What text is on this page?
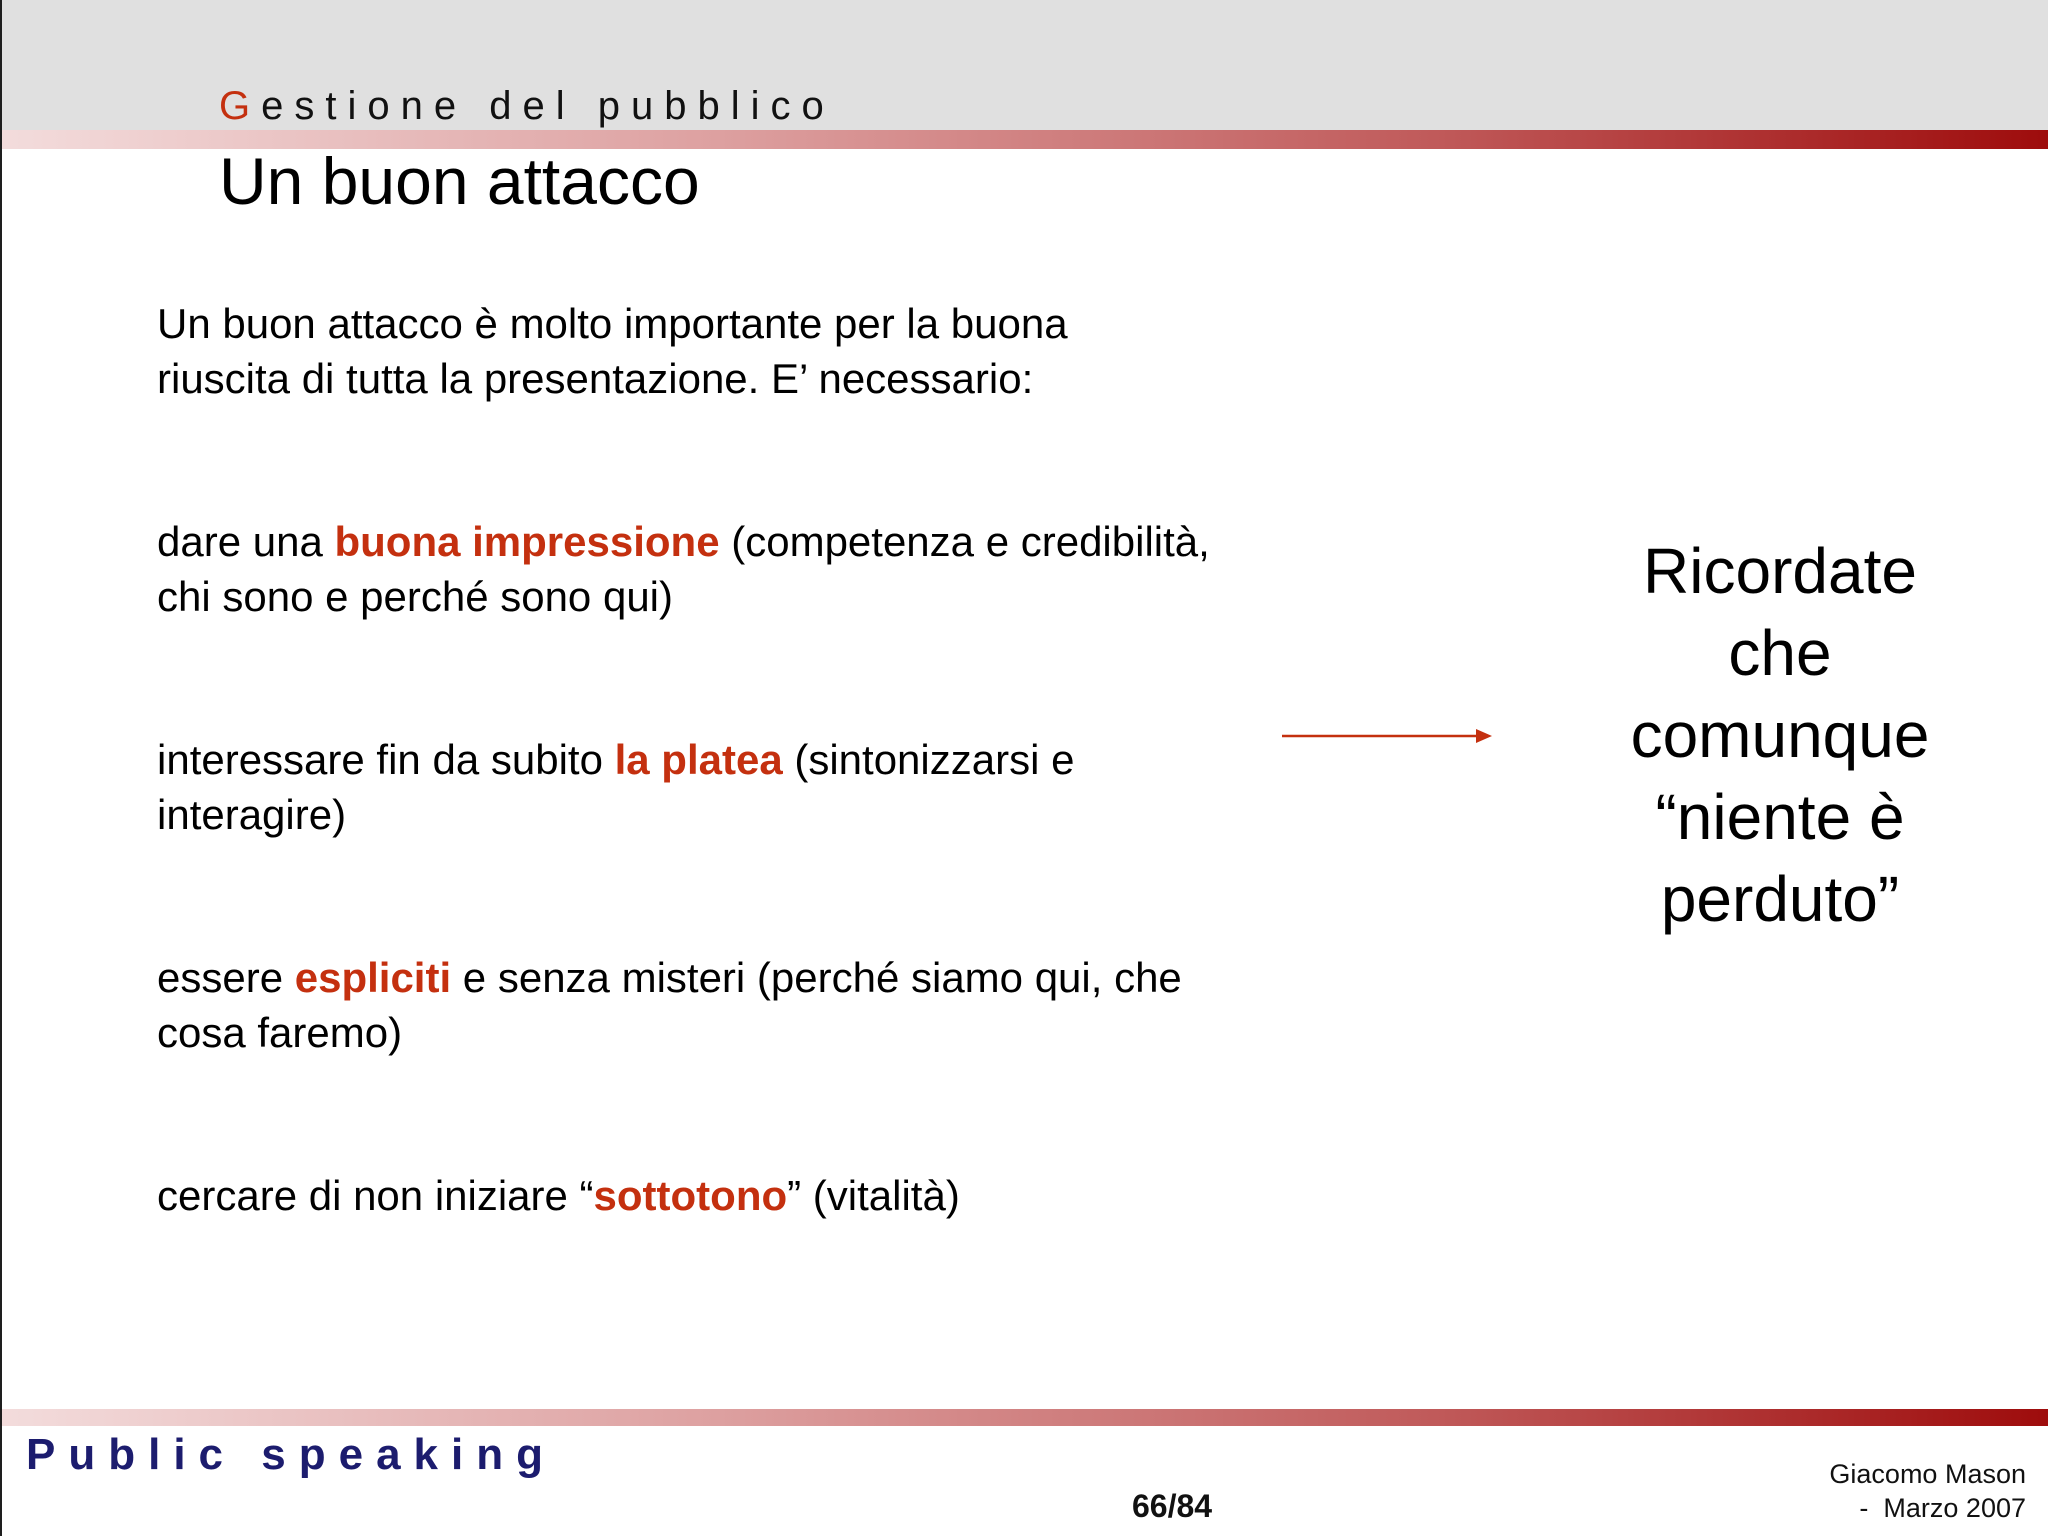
Gestione del pubblico
Un buon attacco

Un buon attacco è molto importante per la buona riuscita di tutta la presentazione. E’ necessario:

dare una buona impressione (competenza e credibilità, chi sono e perché sono qui)

interessare fin da subito la platea (sintonizzarsi e interagire)

essere espliciti e senza misteri (perché siamo qui, che cosa faremo)

cercare di non iniziare “sottotono” (vitalità)

Ricordate
che
comunque
“niente è
perduto”

Public speaking

66/84

Giacomo Mason
-  Marzo 2007
